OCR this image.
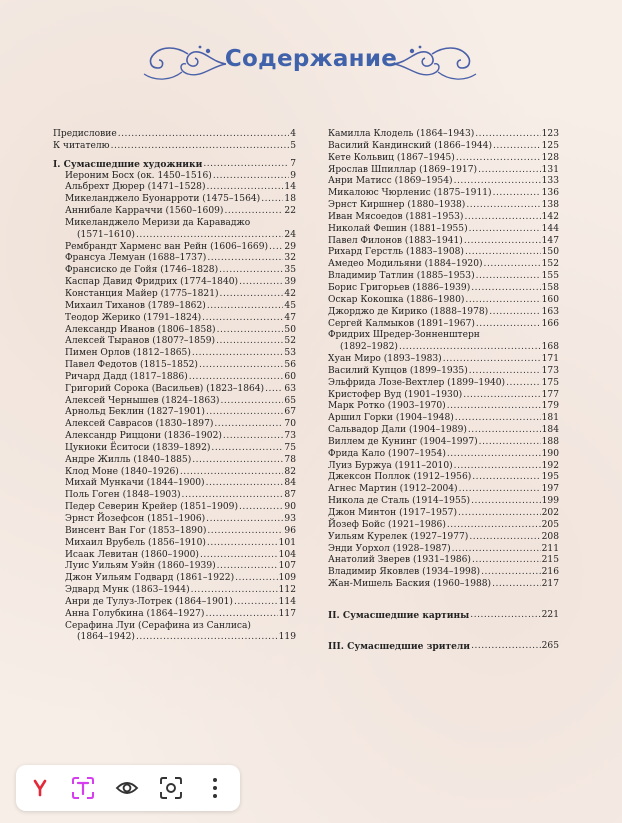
Содержание
Предисловие .....	4
К читателю .....	5
I. Сумасшедшие художники .....	7
Иероним Босх (ок. 1450–1516) .....	9
Альбрехт Дюрер (1471–1528) .....	14
Микеланджело Буонарроти (1475–1564) .....	18
Аннибале Карраччи (1560–1609) .....	22
Микеланджело Меризи да Караваджо
(1571–1610) .....	24
Рембрандт Харменс ван Рейн (1606–1669) ..... 29
Франсуа Лемуан (1688–1737) .....	32
Франсиско де Гойя (1746–1828) .....	35
Каспар Давид Фридрих (1774–1840) .....	39
Констанция Майер (1775–1821) .....	42
Михаил Тиханов (1789–1862) .....	45
Теодор Жерико (1791–1824) .....	47
Александр Иванов (1806–1858) .....	50
Алексей Тыранов (1807?–1859) .....	52
Пимен Орлов (1812–1865) .....	53
Павел Федотов (1815–1852) .....	56
Ричард Дадд (1817–1886) .....	60
Григорий Сорока (Васильев) (1823–1864) ..... 63
Алексей Чернышев (1824–1863) .....	65
Арнольд Беклин (1827–1901) .....	67
Алексей Саврасов (1830–1897) .....	70
Александр Риццони (1836–1902) .....	73
Цукиоки Ёситоси (1839–1892) .....	75
Андре Жилль (1840–1885) .....	78
Клод Моне (1840–1926) .....	82
Михай Мункачи (1844–1900) .....	84
Поль Гоген (1848–1903) .....	87
Педер Северин Крейер (1851–1909) .....	90
Эрнст Йозефсон (1851–1906) .....	93
Винсент Ван Гог (1853–1890) .....	96
Михаил Врубель (1856–1910) .....	101
Исаак Левитан (1860–1900) .....	104
Луис Уильям Уэйн (1860–1939) .....	107
Джон Уильям Годвард (1861–1922) .....	109
Эдвард Мунк (1863–1944) .....	112
Анри де Тулуз-Лотрек (1864–1901) .....	114
Анна Голубкина (1864–1927) .....	117
Серафина Луи (Серафина из Санлиса)
(1864–1942) .....	119
Камилла Клодель (1864–1943) .....	123
Василий Кандинский (1866–1944) .....	125
Кете Кольвиц (1867–1945) .....	128
Ярослав Шпиллар (1869–1917) .....	131
Анри Матисс (1869–1954) .....	133
Микалоюс Чюрленис (1875–1911) .....	136
Эрнст Киршнер (1880–1938) .....	138
Иван Мясоедов (1881–1953) .....	142
Николай Фешин (1881–1955) .....	144
Павел Филонов (1883–1941) .....	147
Рихард Герстль (1883–1908) .....	150
Амедео Модильяни (1884–1920) .....	152
Владимир Татлин (1885–1953) .....	155
Борис Григорьев (1886–1939) .....	158
Оскар Кокошка (1886–1980) .....	160
Джорджо де Кирико (1888–1978) .....	163
Сергей Калмыков (1891–1967) .....	166
Фридрих Шредер-Зонненштерн
(1892–1982) .....	168
Хуан Миро (1893–1983) .....	171
Василий Купцов (1899–1935) .....	173
Эльфрида Лозе-Вехтлер (1899–1940) .....	175
Кристофер Вуд (1901–1930) .....	177
Марк Ротко (1903–1970) .....	179
Аршил Горки (1904–1948) .....	181
Сальвадор Дали (1904–1989) .....	184
Виллем де Кунинг (1904–1997) .....	188
Фрида Кало (1907–1954) .....	190
Луиз Буржуа (1911–2010) .....	192
Джексон Поллок (1912–1956) .....	195
Агнес Мартин (1912–2004) .....	197
Никола де Сталь (1914–1955) .....	199
Джон Минтон (1917–1957) .....	202
Йозеф Бойс (1921–1986) .....	205
Уильям Курелек (1927–1977) .....	208
Энди Уорхол (1928–1987) .....	211
Анатолий Зверев (1931–1986) .....	215
Владимир Яковлев (1934–1998) .....	216
Жан-Мишель Баския (1960–1988) .....	217
II. Сумасшедшие картины .....	221
III. Сумасшедшие зрители .....	265
